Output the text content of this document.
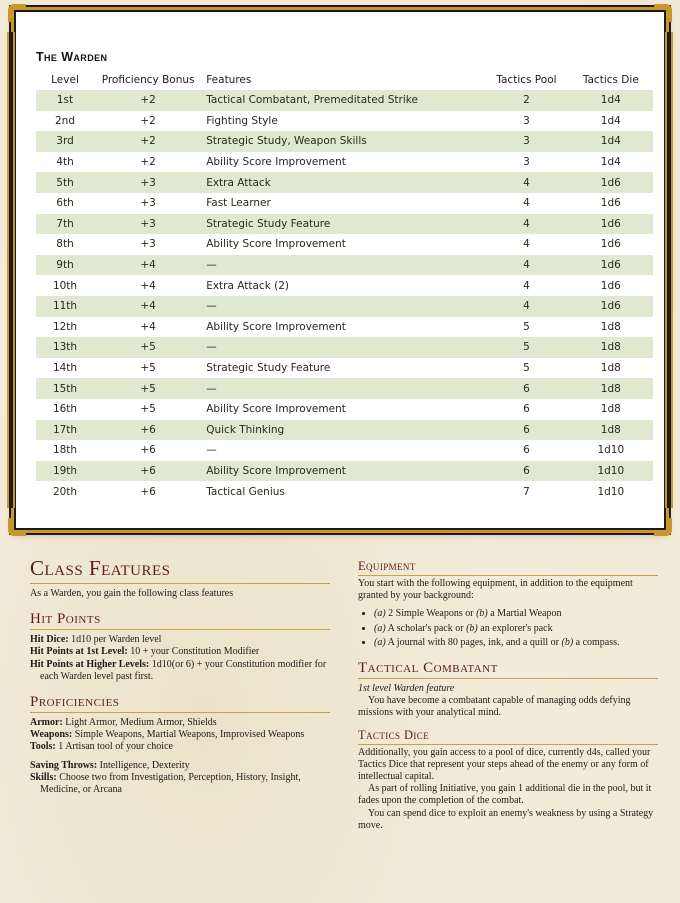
The Warden
Level	Proficiency Bonus	Features	Tactics Pool	Tactics Die
1st	+2	Tactical Combatant, Premeditated Strike	2	1d4
2nd	+2	Fighting Style	3	1d4
3rd	+2	Strategic Study, Weapon Skills	3	1d4
4th	+2	Ability Score Improvement	3	1d4
5th	+3	Extra Attack	4	1d6
6th	+3	Fast Learner	4	1d6
7th	+3	Strategic Study Feature	4	1d6
8th	+3	Ability Score Improvement	4	1d6
9th	+4	—	4	1d6
10th	+4	Extra Attack (2)	4	1d6
11th	+4	—	4	1d6
12th	+4	Ability Score Improvement	5	1d8
13th	+5	—	5	1d8
14th	+5	Strategic Study Feature	5	1d8
15th	+5	—	6	1d8
16th	+5	Ability Score Improvement	6	1d8
17th	+6	Quick Thinking	6	1d8
18th	+6	—	6	1d10
19th	+6	Ability Score Improvement	6	1d10
20th	+6	Tactical Genius	7	1d10
Class Features

As a Warden, you gain the following class features

Hit Points

Hit Dice: 1d10 per Warden level

Hit Points at 1st Level: 10 + your Constitution Modifier

Hit Points at Higher Levels: 1d10(or 6) + your Constitution modifier for each Warden level past first.

Proficiencies

Armor: Light Armor, Medium Armor, Shields

Weapons: Simple Weapons, Martial Weapons, Improvised Weapons

Tools: 1 Artisan tool of your choice

Saving Throws: Intelligence, Dexterity

Skills: Choose two from Investigation, Perception, History, Insight, Medicine, or Arcana

Equipment

You start with the following equipment, in addition to the equipment granted by your background:

• (a) 2 Simple Weapons or (b) a Martial Weapon
• (a) A scholar's pack or (b) an explorer's pack
• (a) A journal with 80 pages, ink, and a quill or (b) a compass.
Tactical Combatant

1st level Warden feature

You have become a combatant capable of managing odds defying missions with your analytical mind.

Tactics Dice

Additionally, you gain access to a pool of dice, currently d4s, called your Tactics Dice that represent your steps ahead of the enemy or any form of intellectual capital.

As part of rolling Initiative, you gain 1 additional die in the pool, but it fades upon the completion of the combat.

You can spend dice to exploit an enemy's weakness by using a Strategy move.
